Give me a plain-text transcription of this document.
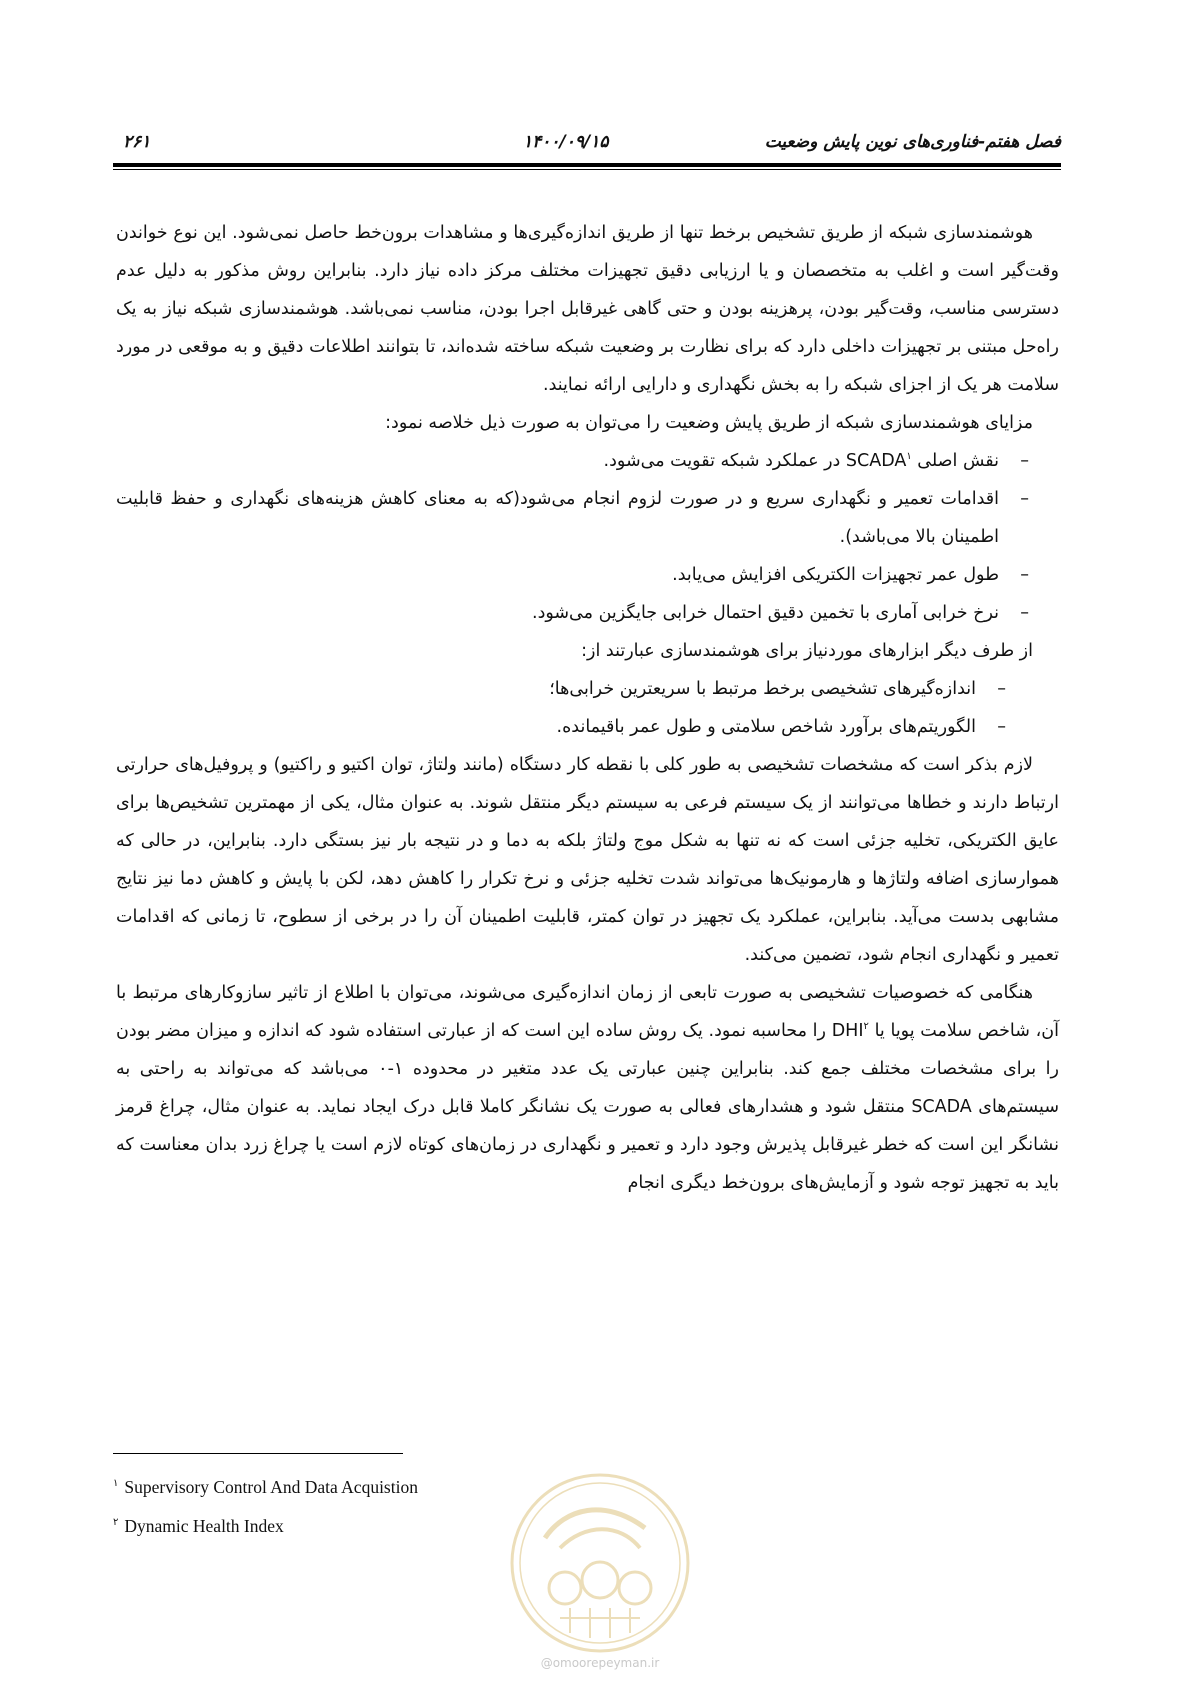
فصل هفتم-فناوری‌های نوین پایش وضعیت
۱۴۰۰/۰۹/۱۵
۲۶۱

هوشمندسازی شبکه از طریق تشخیص برخط تنها از طریق اندازه‌گیری‌ها و مشاهدات برون‌خط حاصل نمی‌شود. این نوع خواندن وقت‌گیر است و اغلب به متخصصان و یا ارزیابی دقیق تجهیزات مختلف مرکز داده نیاز دارد. بنابراین روش مذکور به دلیل عدم دسترسی مناسب، وقت‌گیر بودن، پرهزینه بودن و حتی گاهی غیرقابل اجرا بودن، مناسب نمی‌باشد. هوشمندسازی شبکه نیاز به یک راه‌حل مبتنی بر تجهیزات داخلی دارد که برای نظارت بر وضعیت شبکه ساخته شده‌اند، تا بتوانند اطلاعات دقیق و به موقعی در مورد سلامت هر یک از اجزای شبکه را به بخش نگهداری و دارایی ارائه نمایند.

مزایای هوشمندسازی شبکه از طریق پایش وضعیت را می‌توان به صورت ذیل خلاصه نمود:

–
نقش اصلی SCADA$^۱$ در عملکرد شبکه تقویت می‌شود.
–
اقدامات تعمیر و نگهداری سریع و در صورت لزوم انجام می‌شود(که به معنای کاهش هزینه‌های نگهداری و حفظ قابلیت اطمینان بالا می‌باشد).
–
طول عمر تجهیزات الکتریکی افزایش می‌یابد.
–
نرخ خرابی آماری با تخمین دقیق احتمال خرابی جایگزین می‌شود.

از طرف دیگر ابزارهای موردنیاز برای هوشمندسازی عبارتند از:

–
اندازه‌گیرهای تشخیصی برخط مرتبط با سریعترین خرابی‌ها؛
–
الگوریتم‌های برآورد شاخص سلامتی و طول عمر باقیمانده.

لازم بذکر است که مشخصات تشخیصی به طور کلی با نقطه کار دستگاه (مانند ولتاژ، توان اکتیو و راکتیو) و پروفیل‌های حرارتی ارتباط دارند و خطاها می‌توانند از یک سیستم فرعی به سیستم دیگر منتقل شوند. به عنوان مثال، یکی از مهمترین تشخیص‌ها برای عایق الکتریکی، تخلیه جزئی است که نه تنها به شکل موج ولتاژ بلکه به دما و در نتیجه بار نیز بستگی دارد. بنابراین، در حالی که هموارسازی اضافه ولتاژها و هارمونیک‌ها می‌تواند شدت تخلیه جزئی و نرخ تکرار را کاهش دهد، لکن با پایش و کاهش دما نیز نتایج مشابهی بدست می‌آید. بنابراین، عملکرد یک تجهیز در توان کمتر، قابلیت اطمینان آن را در برخی از سطوح، تا زمانی که اقدامات تعمیر و نگهداری انجام شود، تضمین می‌کند.

هنگامی که خصوصیات تشخیصی به صورت تابعی از زمان اندازه‌گیری می‌شوند، می‌توان با اطلاع از تاثیر سازوکارهای مرتبط با آن، شاخص سلامت پویا یا DHI$^۲$ را محاسبه نمود. یک روش ساده این است که از عبارتی استفاده شود که اندازه و میزان مضر بودن را برای مشخصات مختلف جمع کند. بنابراین چنین عبارتی یک عدد متغیر در محدوده ۱-۰ می‌باشد که می‌تواند به راحتی به سیستم‌های SCADA منتقل شود و هشدارهای فعالی به صورت یک نشانگر کاملا قابل درک ایجاد نماید. به عنوان مثال، چراغ قرمز نشانگر این است که خطر غیرقابل پذیرش وجود دارد و تعمیر و نگهداری در زمان‌های کوتاه لازم است یا چراغ زرد بدان معناست که باید به تجهیز توجه شود و آزمایش‌های برون‌خط دیگری انجام

$^۱$ Supervisory Control And Data Acquistion
$^۲$ Dynamic Health Index
@omoorepeyman.ir
